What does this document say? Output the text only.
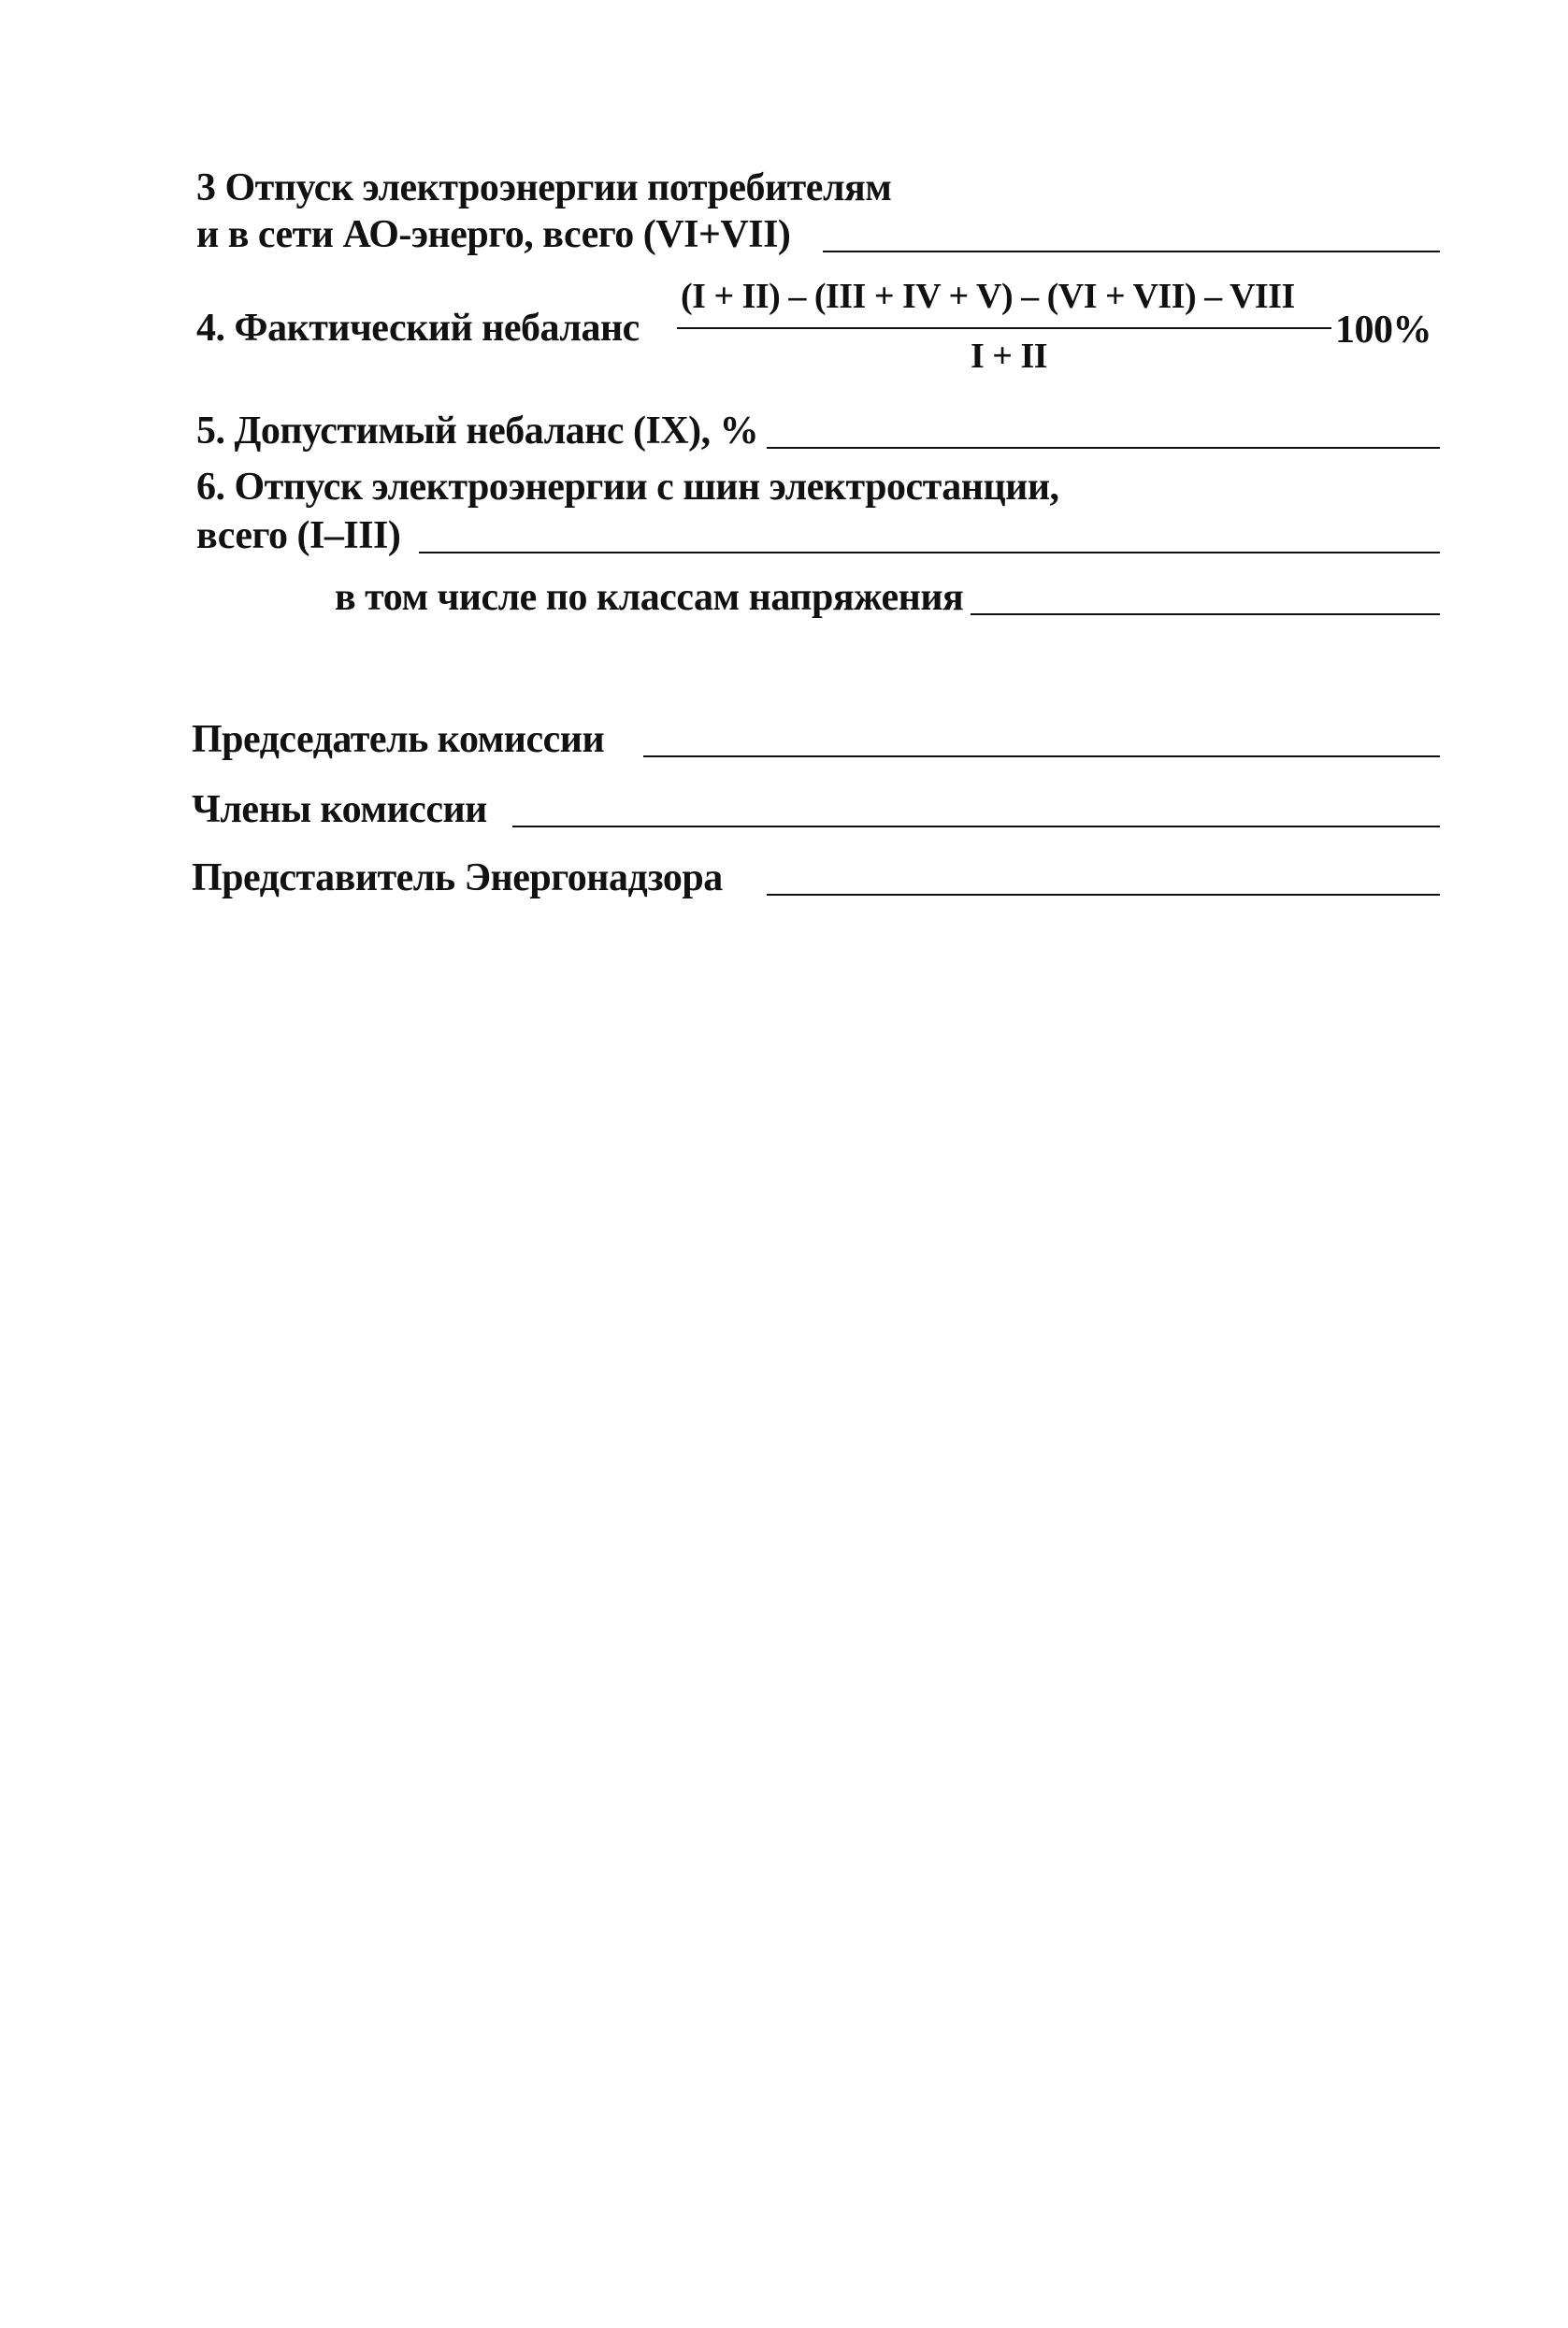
3 Отпуск электроэнергии потребителям
и в сети АО-энерго, всего (VI+VII)
4. Фактический небаланс
(I + II) – (III + IV + V) – (VI + VII) – VIII
I + II
100%
5. Допустимый небаланс (IX), %
6. Отпуск электроэнергии с шин электростанции,
всего (I–III)
в том числе по классам напряжения
Председатель комиссии
Члены комиссии
Представитель Энергонадзора
